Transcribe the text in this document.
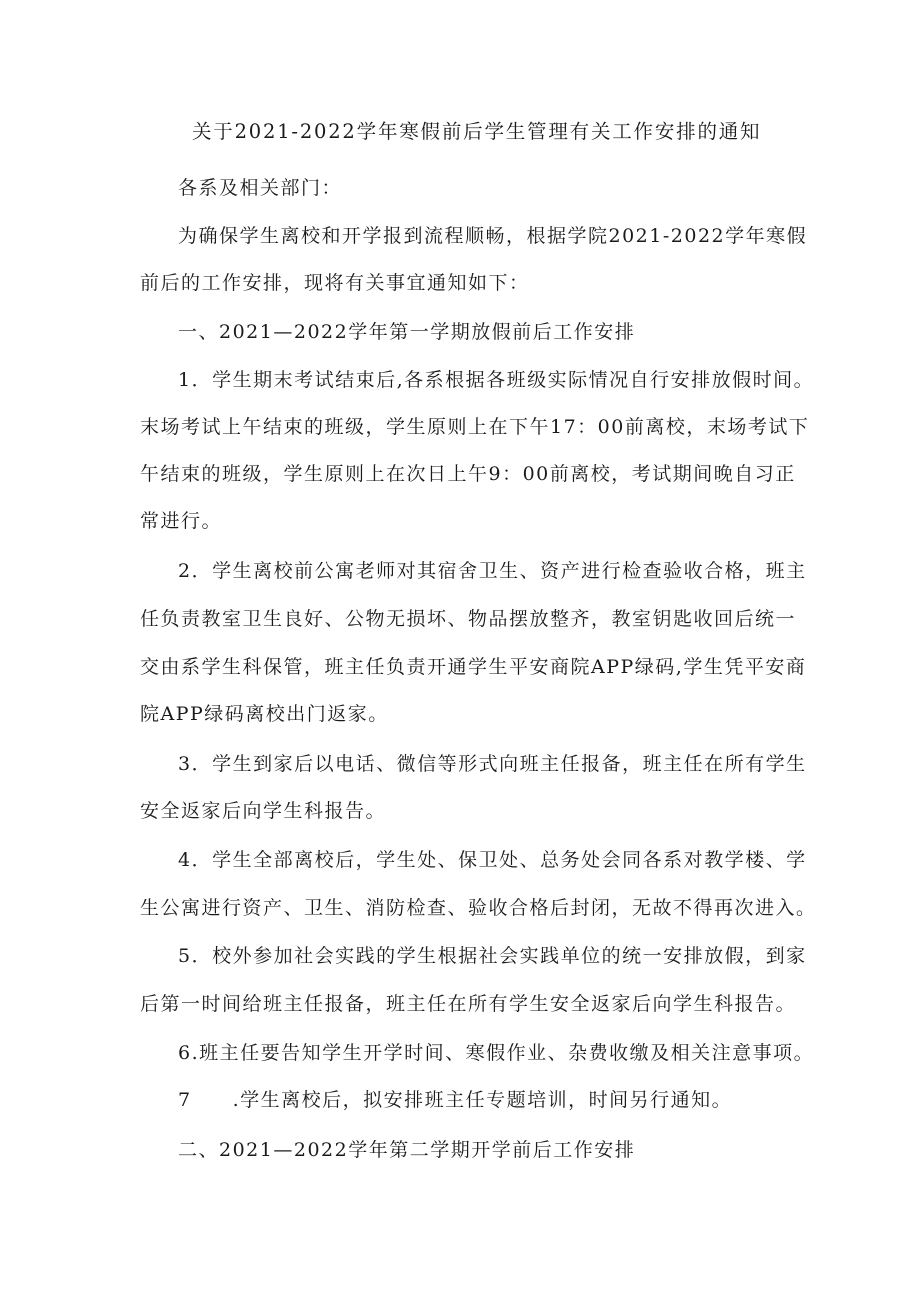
关于2021-2022学年寒假前后学生管理有关工作安排的通知
各系及相关部门：
为确保学生离校和开学报到流程顺畅，根据学院2021-2022学年寒假
前后的工作安排，现将有关事宜通知如下：
一、2021—2022学年第一学期放假前后工作安排
1．学生期末考试结束后,各系根据各班级实际情况自行安排放假时间。
末场考试上午结束的班级，学生原则上在下午17：00前离校，末场考试下
午结束的班级，学生原则上在次日上午9：00前离校，考试期间晚自习正
常进行。
2．学生离校前公寓老师对其宿舍卫生、资产进行检查验收合格，班主
任负责教室卫生良好、公物无损坏、物品摆放整齐，教室钥匙收回后统一
交由系学生科保管，班主任负责开通学生平安商院APP绿码,学生凭平安商
院APP绿码离校出门返家。
3．学生到家后以电话、微信等形式向班主任报备，班主任在所有学生
安全返家后向学生科报告。
4．学生全部离校后，学生处、保卫处、总务处会同各系对教学楼、学
生公寓进行资产、卫生、消防检查、验收合格后封闭，无故不得再次进入。
5．校外参加社会实践的学生根据社会实践单位的统一安排放假，到家
后第一时间给班主任报备，班主任在所有学生安全返家后向学生科报告。
6.班主任要告知学生开学时间、寒假作业、杂费收缴及相关注意事项。
7　　.学生离校后，拟安排班主任专题培训，时间另行通知。
二、2021—2022学年第二学期开学前后工作安排
